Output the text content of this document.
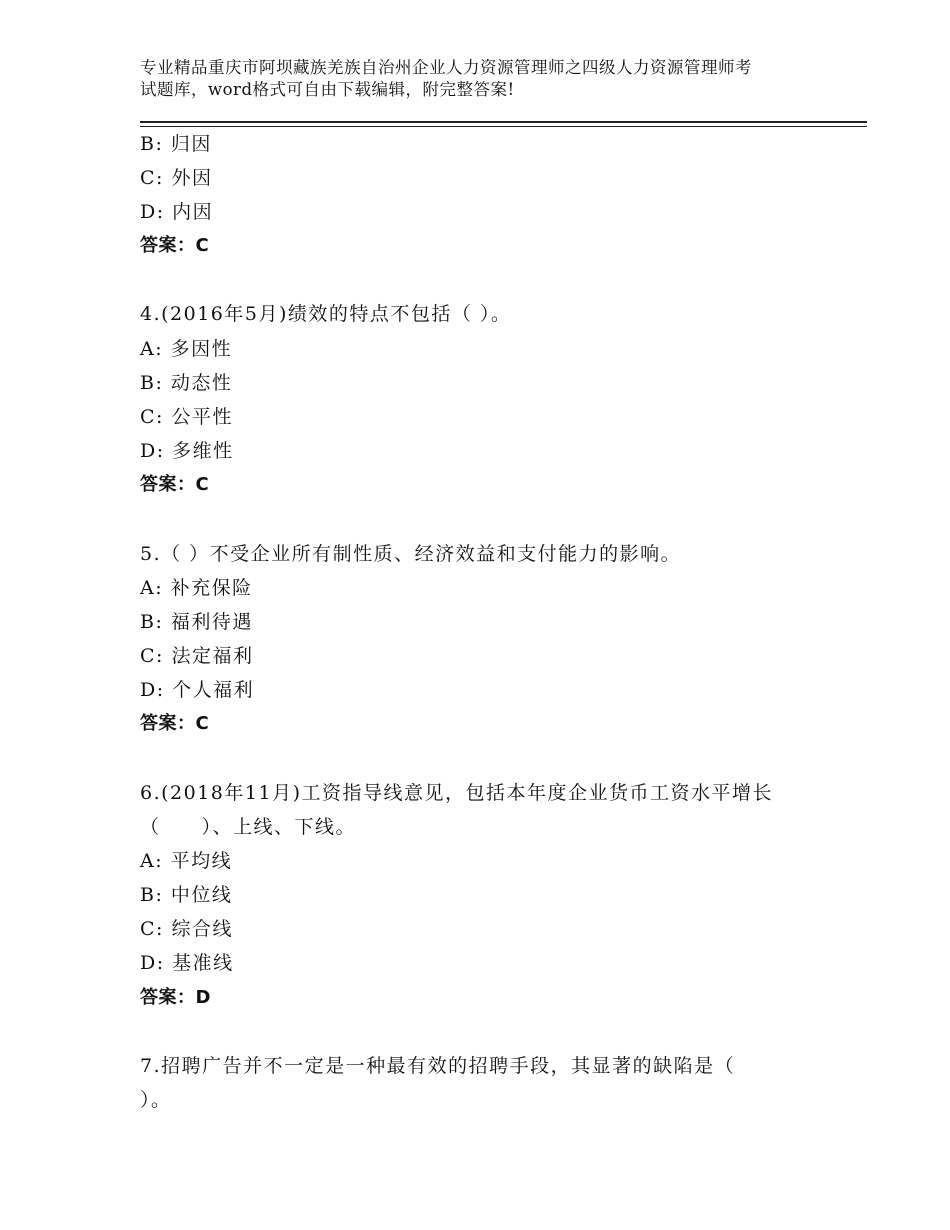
专业精品重庆市阿坝藏族羌族自治州企业人力资源管理师之四级人力资源管理师考
试题库，word格式可自由下载编辑，附完整答案!
B: 归因
C: 外因
D: 内因
答案：C
4.(2016年5月)绩效的特点不包括（ ）。
A: 多因性
B: 动态性
C: 公平性
D: 多维性
答案：C
5.（ ）不受企业所有制性质、经济效益和支付能力的影响。
A: 补充保险
B: 福利待遇
C: 法定福利
D: 个人福利
答案：C
6.(2018年11月)工资指导线意见，包括本年度企业货币工资水平增长
（　　）、上线、下线。
A: 平均线
B: 中位线
C: 综合线
D: 基准线
答案：D
7.招聘广告并不一定是一种最有效的招聘手段，其显著的缺陷是（
）。
